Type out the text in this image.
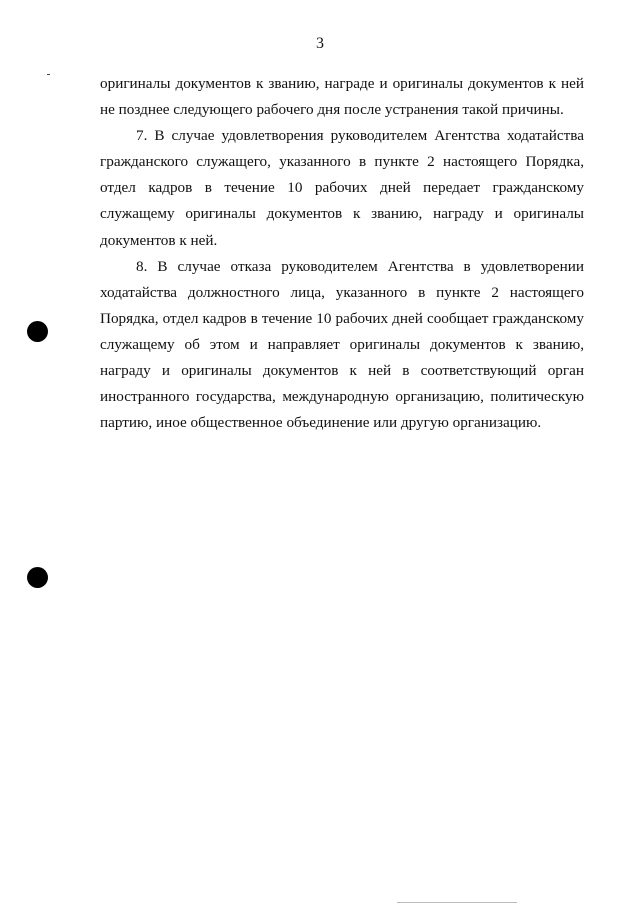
3

оригиналы документов к званию, награде и оригиналы документов к ней не позднее следующего рабочего дня после устранения такой причины.

7. В случае удовлетворения руководителем Агентства ходатайства гражданского служащего, указанного в пункте 2 настоящего Порядка, отдел кадров в течение 10 рабочих дней передает гражданскому служащему оригиналы документов к званию, награду и оригиналы документов к ней.

8. В случае отказа руководителем Агентства в удовлетворении ходатайства должностного лица, указанного в пункте 2 настоящего Порядка, отдел кадров в течение 10 рабочих дней сообщает гражданскому служащему об этом и направляет оригиналы документов к званию, награду и оригиналы документов к ней в соответствующий орган иностранного государства, международную организацию, политическую партию, иное общественное объединение или другую организацию.
